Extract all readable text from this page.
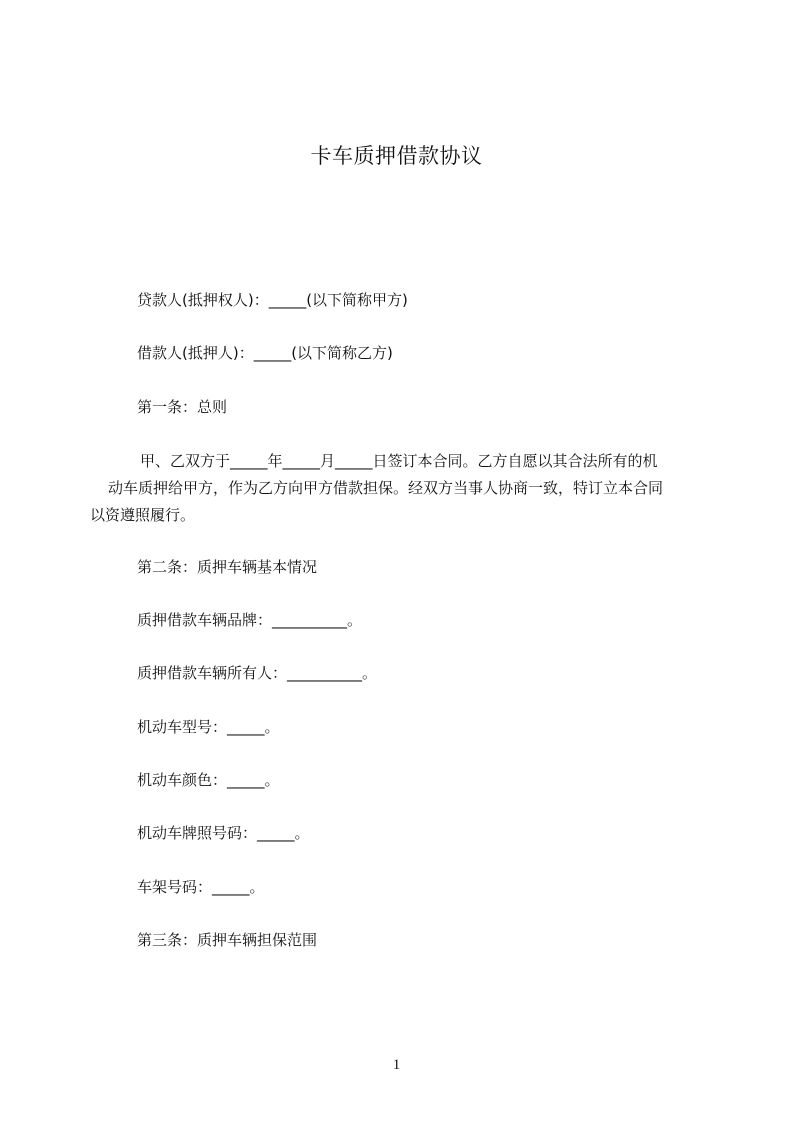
卡车质押借款协议
贷款人(抵押权人)：_____(以下简称甲方)
借款人(抵押人)：_____(以下简称乙方)
第一条：总则
甲、乙双方于_____年_____月_____日签订本合同。乙方自愿以其合法所有的机
动车质押给甲方，作为乙方向甲方借款担保。经双方当事人协商一致，特订立本合同
以资遵照履行。
第二条：质押车辆基本情况
质押借款车辆品牌：__________。
质押借款车辆所有人：__________。
机动车型号：_____。
机动车颜色：_____。
机动车牌照号码：_____。
车架号码：_____。
第三条：质押车辆担保范围
1
